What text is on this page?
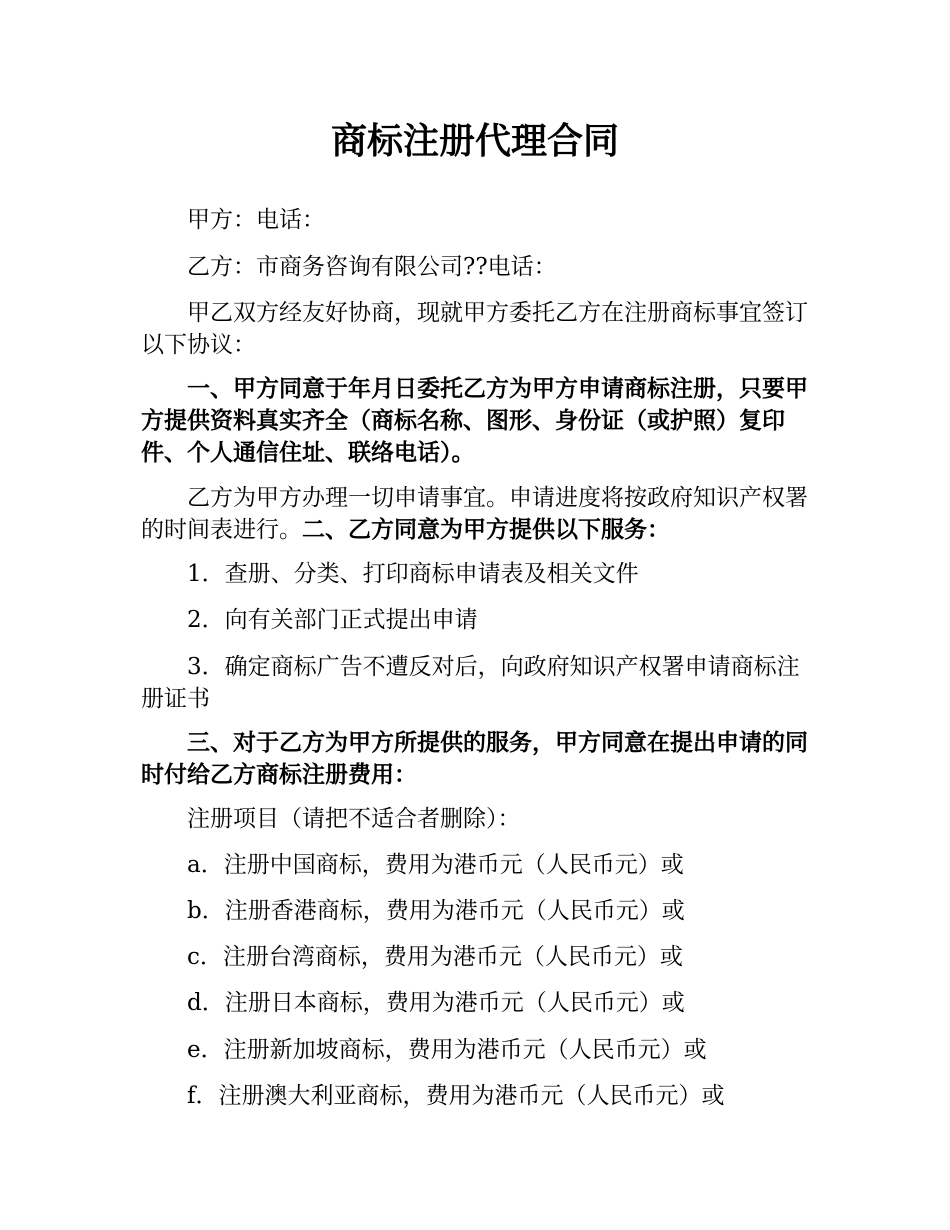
商标注册代理合同

甲方：电话：

乙方：市商务咨询有限公司??电话：

甲乙双方经友好协商，现就甲方委托乙方在注册商标事宜签订以下协议：

一、甲方同意于年月日委托乙方为甲方申请商标注册，只要甲方提供资料真实齐全（商标名称、图形、身份证（或护照）复印件、个人通信住址、联络电话）。

乙方为甲方办理一切申请事宜。申请进度将按政府知识产权署的时间表进行。二、乙方同意为甲方提供以下服务：

1．查册、分类、打印商标申请表及相关文件

2．向有关部门正式提出申请

3．确定商标广告不遭反对后，向政府知识产权署申请商标注册证书

三、对于乙方为甲方所提供的服务，甲方同意在提出申请的同时付给乙方商标注册费用：

注册项目（请把不适合者删除）：

a．注册中国商标，费用为港币元（人民币元）或

b．注册香港商标，费用为港币元（人民币元）或

c．注册台湾商标，费用为港币元（人民币元）或

d．注册日本商标，费用为港币元（人民币元）或

e．注册新加坡商标，费用为港币元（人民币元）或

f．注册澳大利亚商标，费用为港币元（人民币元）或
